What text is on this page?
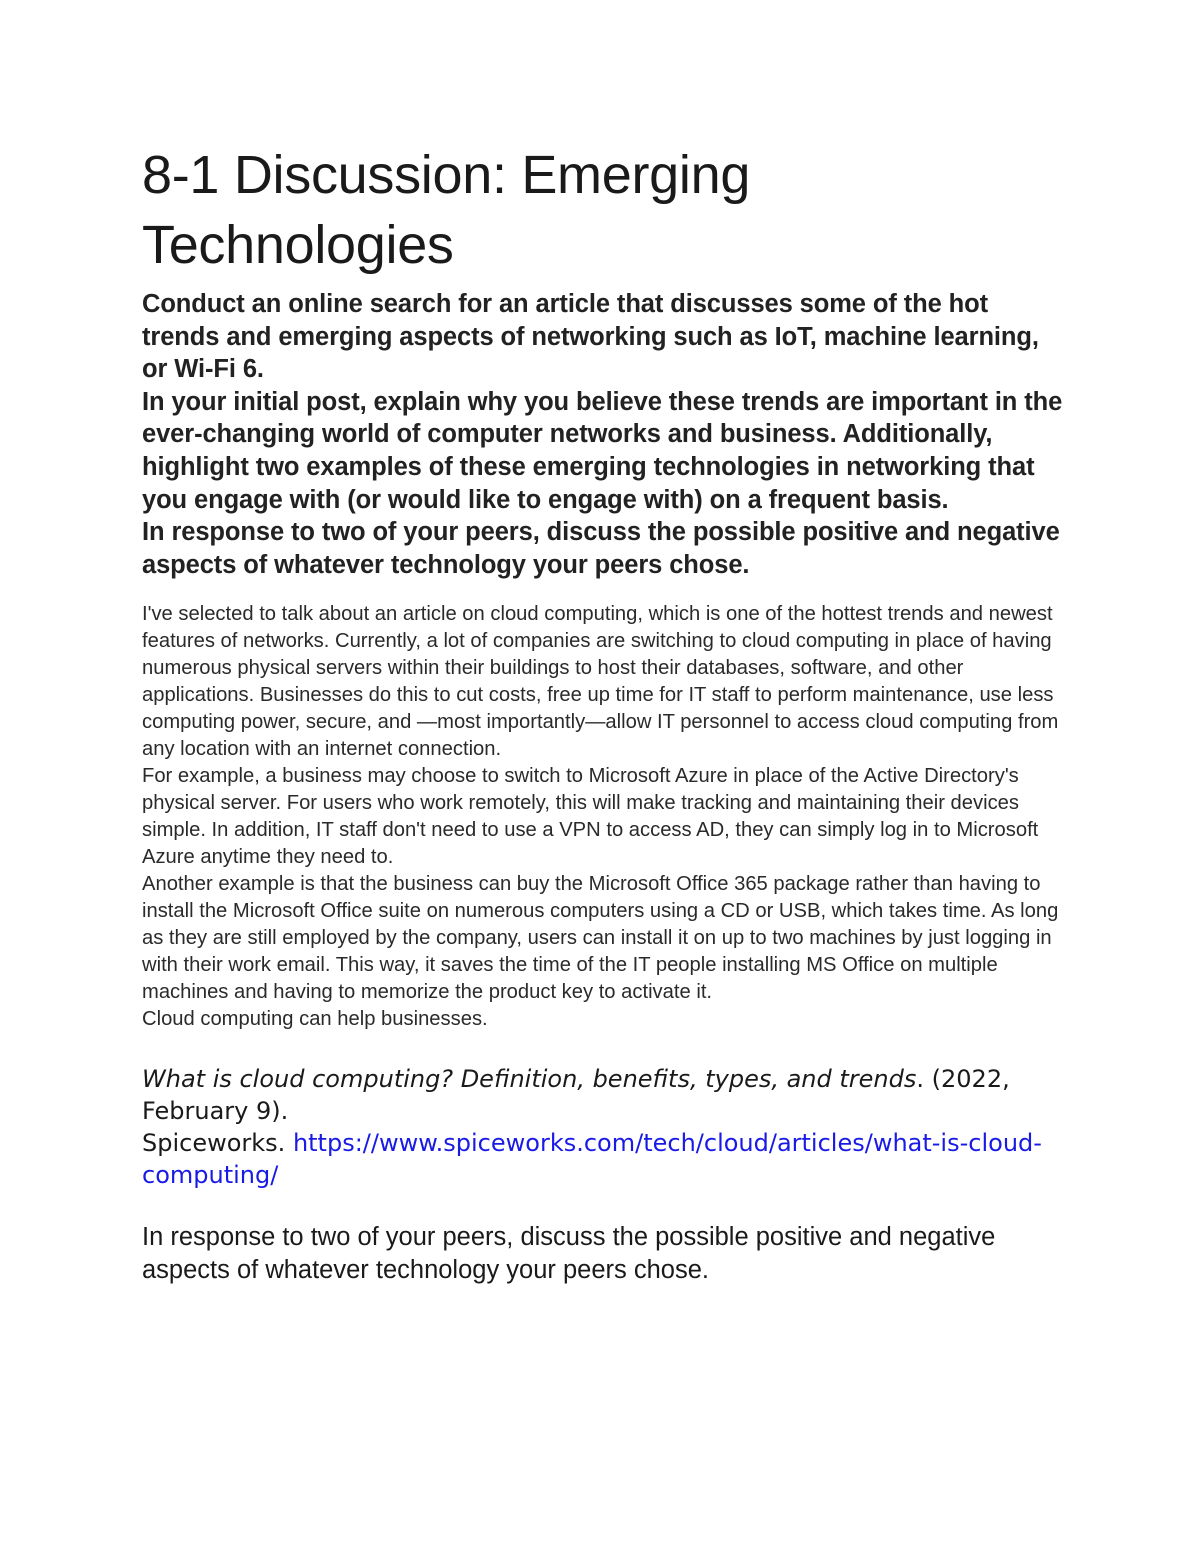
8-1 Discussion: Emerging Technologies

Conduct an online search for an article that discusses some of the hot trends and emerging aspects of networking such as IoT, machine learning, or Wi-Fi 6.

In your initial post, explain why you believe these trends are important in the ever-changing world of computer networks and business. Additionally, highlight two examples of these emerging technologies in networking that you engage with (or would like to engage with) on a frequent basis.

In response to two of your peers, discuss the possible positive and negative aspects of whatever technology your peers chose.

I've selected to talk about an article on cloud computing, which is one of the hottest trends and newest features of networks. Currently, a lot of companies are switching to cloud computing in place of having numerous physical servers within their buildings to host their databases, software, and other applications. Businesses do this to cut costs, free up time for IT staff to perform maintenance, use less computing power, secure, and —most importantly—allow IT personnel to access cloud computing from any location with an internet connection.

For example, a business may choose to switch to Microsoft Azure in place of the Active Directory's physical server. For users who work remotely, this will make tracking and maintaining their devices simple. In addition, IT staff don't need to use a VPN to access AD, they can simply log in to Microsoft Azure anytime they need to.

Another example is that the business can buy the Microsoft Office 365 package rather than having to install the Microsoft Office suite on numerous computers using a CD or USB, which takes time. As long as they are still employed by the company, users can install it on up to two machines by just logging in with their work email. This way, it saves the time of the IT people installing MS Office on multiple machines and having to memorize the product key to activate it.

Cloud computing can help businesses.

What is cloud computing? Definition, benefits, types, and trends. (2022, February 9).
Spiceworks. https://www.spiceworks.com/tech/cloud/articles/what-is-cloud-computing/

In response to two of your peers, discuss the possible positive and negative aspects of whatever technology your peers chose.
